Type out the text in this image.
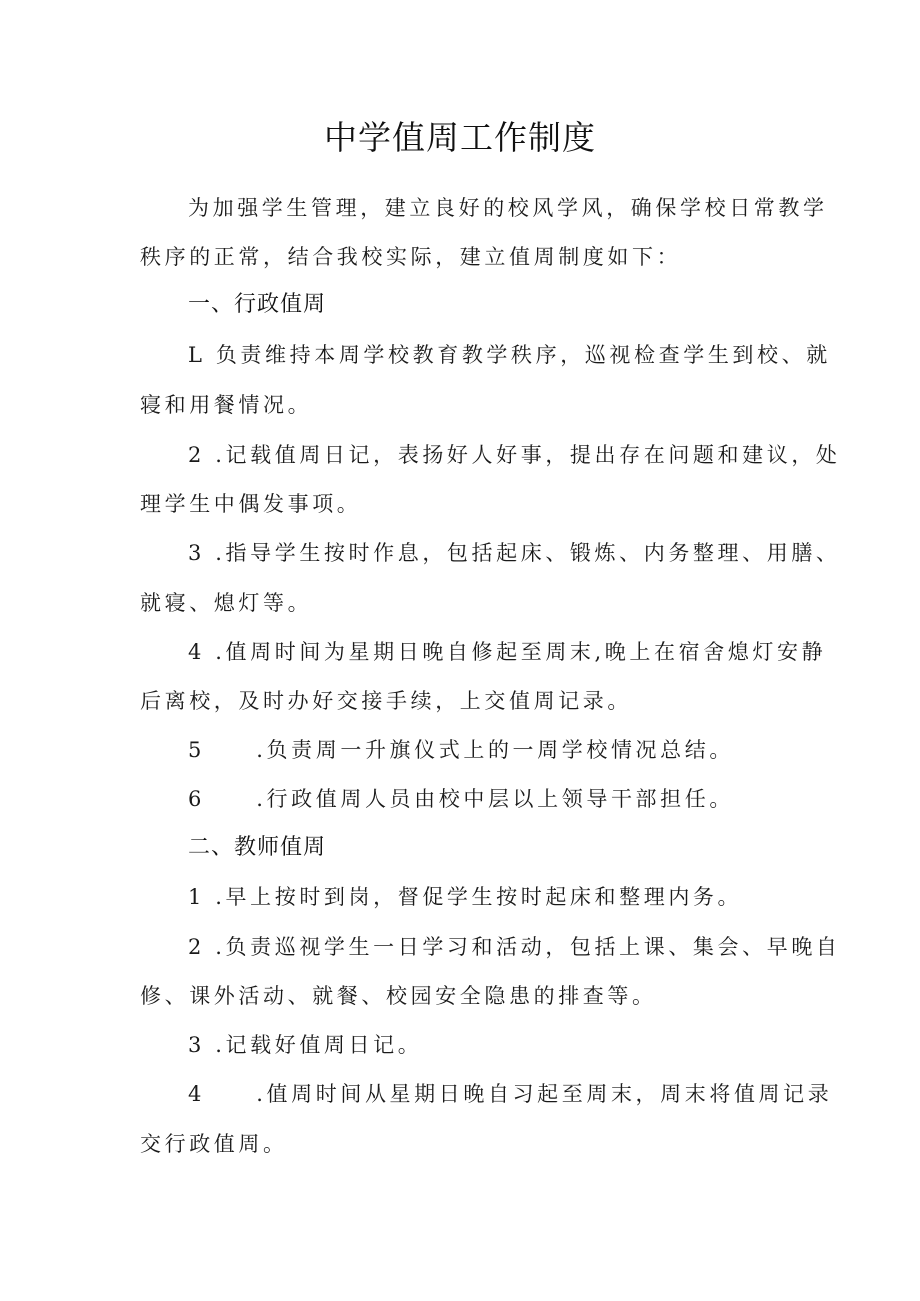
中学值周工作制度
为加强学生管理，建立良好的校风学风，确保学校日常教学
秩序的正常，结合我校实际，建立值周制度如下：
一、行政值周
L 负责维持本周学校教育教学秩序，巡视检查学生到校、就
寝和用餐情况。
2 .记载值周日记，表扬好人好事，提出存在问题和建议，处
理学生中偶发事项。
3 .指导学生按时作息，包括起床、锻炼、内务整理、用膳、
就寝、熄灯等。
4 .值周时间为星期日晚自修起至周末,晚上在宿舍熄灯安静
后离校，及时办好交接手续，上交值周记录。
5 .负责周一升旗仪式上的一周学校情况总结。
6 .行政值周人员由校中层以上领导干部担任。
二、教师值周
1 .早上按时到岗，督促学生按时起床和整理内务。
2 .负责巡视学生一日学习和活动，包括上课、集会、早晚自
修、课外活动、就餐、校园安全隐患的排查等。
3 .记载好值周日记。
4 .值周时间从星期日晚自习起至周末，周末将值周记录
交行政值周。
